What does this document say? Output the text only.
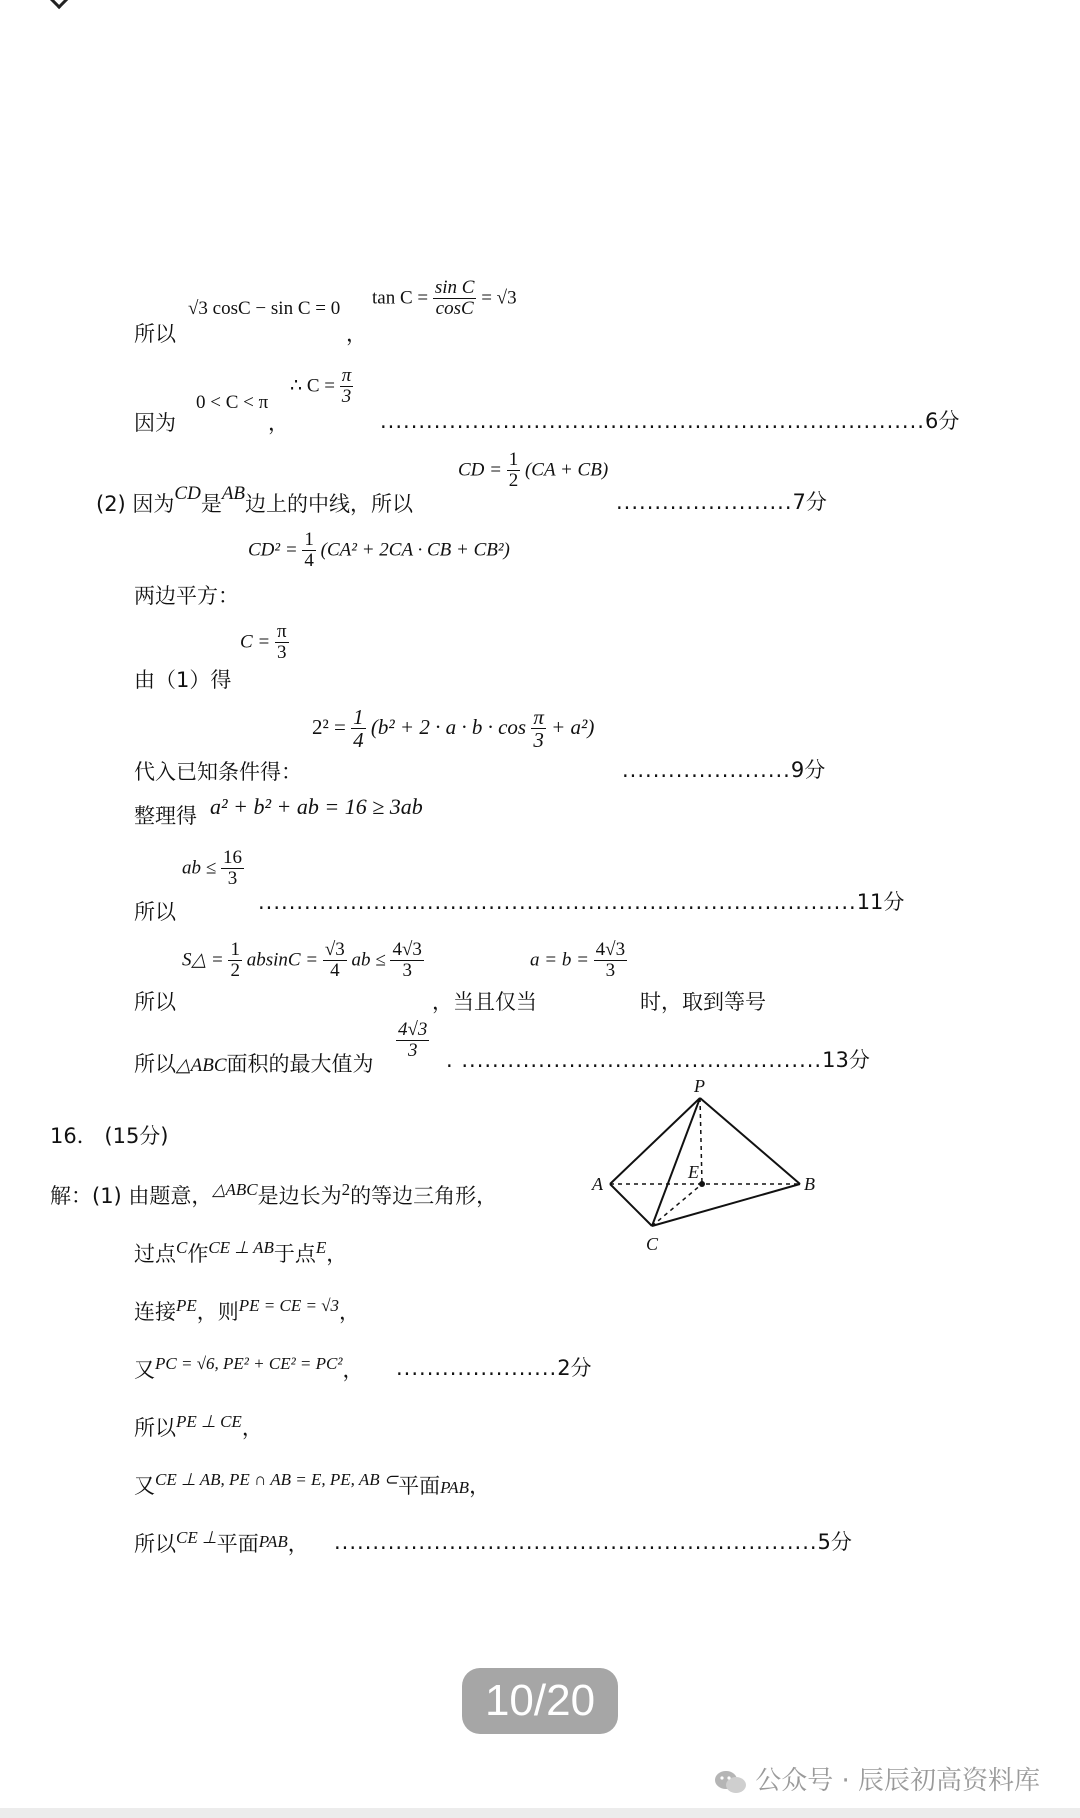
所以
√3 cosC − sin C = 0
，
$\tan C = \frac{\text{sin C}}{\cos C} = √3$
因为
0 < C < π
，
∴ $C = \frac{\pi}{3}$
.......................................................................6分
(2) 因为CD是AB边上的中线，所以
CD = $\frac{1}{2} (CA + CB)$
.......................7分
$CD^2 = \frac{1}{4} (CA^2 + 2CA$ · CB + CB²)
两边平方：
$C = \frac{\pi}{3}$
由（1）得
$2^2 = \frac{1}{4} (b^2 + 2 \cdot a \cdot b \cdot \cos \frac{\pi}{3} + a^2)$
代入已知条件得：	......................9分
整理得 a² + b² + ab = 16 ≥ 3ab
ab ≤ $\frac{16}{3}$
所以	..............................................................................11分
S△ = $\frac{1}{2}$ $absinC = \frac{√3}{4}$ ab ≤ $\frac{4√3}{3}$
所以	，当且仅当
$a = b = \frac{4√3}{3}$
时，取到等号
所以△ABC面积的最大值为
$\frac{4√3}{3}$ . ...............................................13分
16． (15分)
解：(1) 由题意，$^{\triangle ABC}$是边长为$^2$的等边三角形，
过点$^C$作$^{CE \perp AB}$于点$^E$，
连接$^{PE}$，则$^{PE = CE = √3}$，
又$^{PC = √6, PE^2 + CE^2 = PC^2}$， .....................2分
所以$^{PE \perp CE}$，
又$^{CE \perp AB, PE \cap AB = E, PE, AB \subset}$平面PAB，
所以$^{CE \perp}$平面PAB， ...............................................................5分
P
A	B
C
E
10/20
公众号 · 辰辰初高资料库
